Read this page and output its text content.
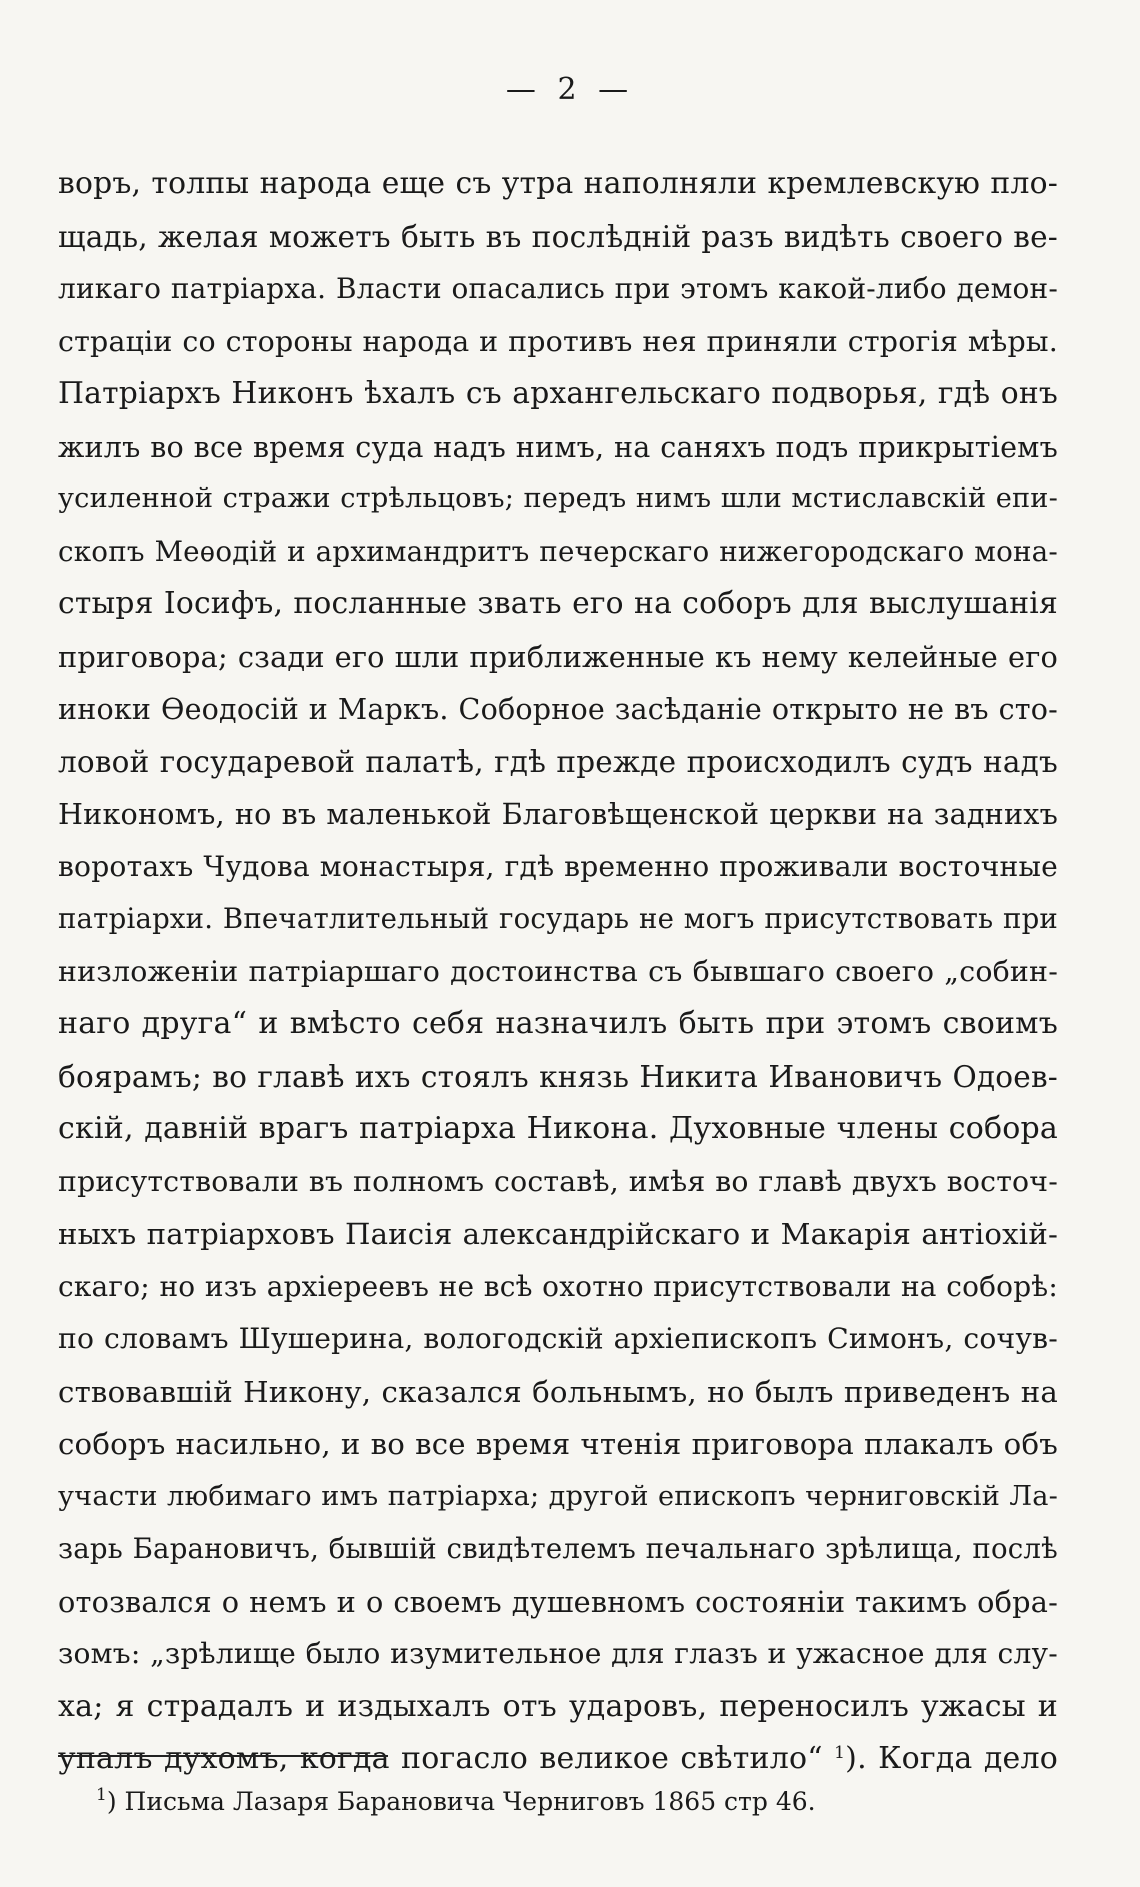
— 2 —
воръ, толпы народа еще съ утра наполняли кремлевскую пло-
щадь, желая можетъ быть въ послѣднiй разъ видѣть своего ве-
ликаго патрiарха. Власти опасались при этомъ какой-либо демон-
страцiи со стороны народа и противъ нея приняли строгiя мѣры.
Патрiархъ Никонъ ѣхалъ съ архангельскаго подворья, гдѣ онъ
жилъ во все время суда надъ нимъ, на саняхъ подъ прикрытiемъ
усиленной стражи стрѣльцовъ; передъ нимъ шли мстиславскiй епи-
скопъ Меѳодiй и архимандритъ печерскаго нижегородскаго мона-
стыря Iосифъ, посланные звать его на соборъ для выслушанiя
приговора; сзади его шли приближенные къ нему келейные его
иноки Ѳеодосiй и Маркъ. Соборное засѣданiе открыто не въ сто-
ловой государевой палатѣ, гдѣ прежде происходилъ судъ надъ
Никономъ, но въ маленькой Благовѣщенской церкви на заднихъ
воротахъ Чудова монастыря, гдѣ временно проживали восточные
патрiархи. Впечатлительный государь не могъ присутствовать при
низложенiи патрiаршаго достоинства съ бывшаго своего „собин-
наго друга“ и вмѣсто себя назначилъ быть при этомъ своимъ
боярамъ; во главѣ ихъ стоялъ князь Никита Ивановичъ Одоев-
скiй, давнiй врагъ патрiарха Никона. Духовные члены собора
присутствовали въ полномъ составѣ, имѣя во главѣ двухъ восточ-
ныхъ патрiарховъ Паисiя александрiйскаго и Макарiя антiохiй-
скаго; но изъ архiереевъ не всѣ охотно присутствовали на соборѣ:
по словамъ Шушерина, вологодскiй архiепископъ Симонъ, сочув-
ствовавшiй Никону, сказался больнымъ, но былъ приведенъ на
соборъ насильно, и во все время чтенiя приговора плакалъ объ
участи любимаго имъ патрiарха; другой епископъ черниговскiй Ла-
зарь Барановичъ, бывшiй свидѣтелемъ печальнаго зрѣлища, послѣ
отозвался о немъ и о своемъ душевномъ состоянiи такимъ обра-
зомъ: „зрѣлище было изумительное для глазъ и ужасное для слу-
ха; я страдалъ и издыхалъ отъ ударовъ, переносилъ ужасы и
упалъ духомъ, когда погасло великое свѣтило“ $^1$). Когда дело
$^1$) Письма Лазаря Барановича Черниговъ 1865 стр 46.
